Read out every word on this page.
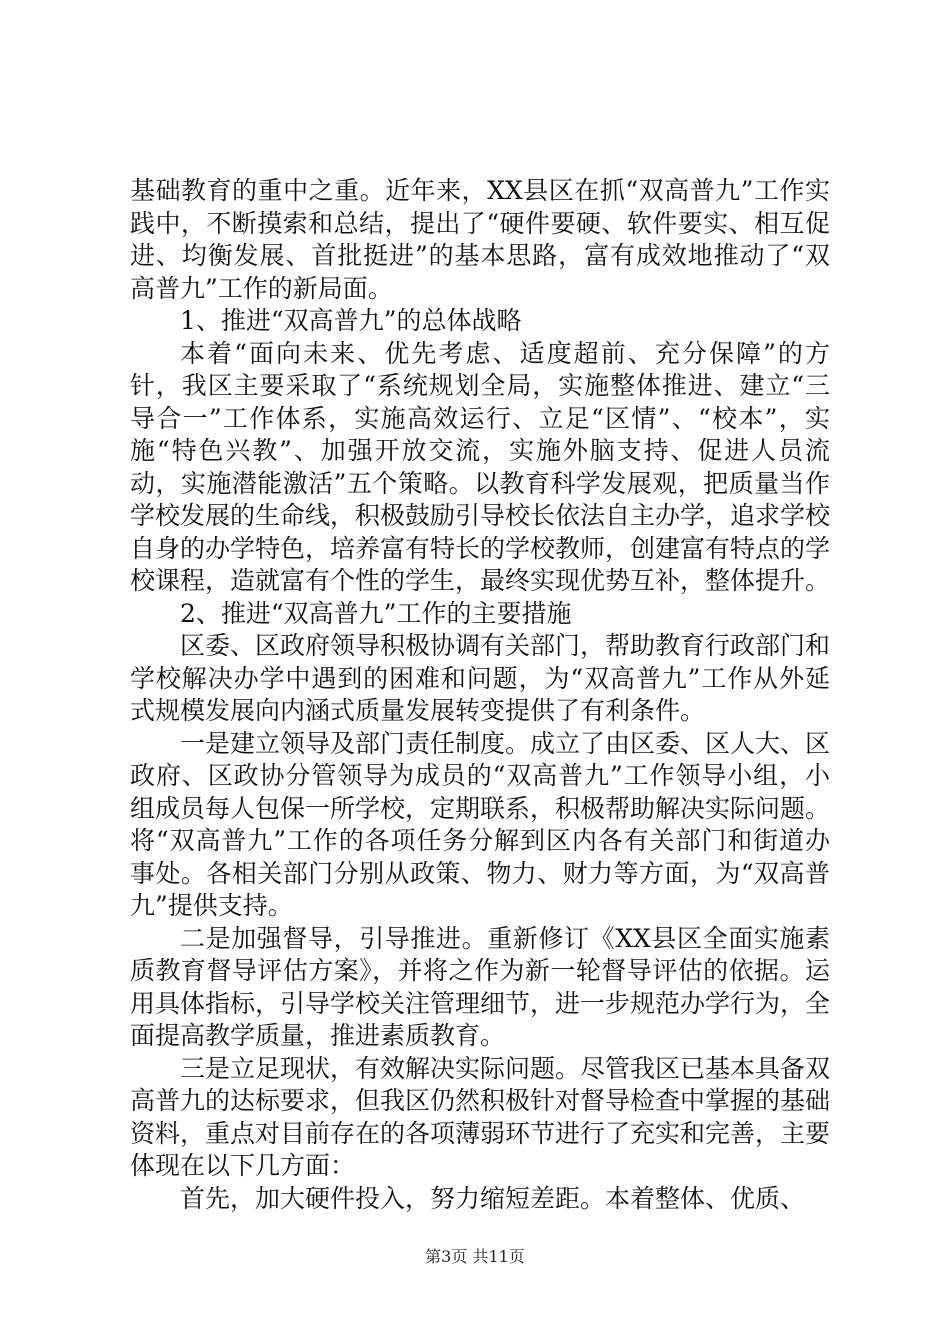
基础教育的重中之重。近年来，XX县区在抓“双高普九”工作实践中，不断摸索和总结，提出了“硬件要硬、软件要实、相互促进、均衡发展、首批挺进”的基本思路，富有成效地推动了“双高普九”工作的新局面。

1、推进“双高普九”的总体战略

本着“面向未来、优先考虑、适度超前、充分保障”的方针，我区主要采取了“系统规划全局，实施整体推进、建立“三导合一”工作体系，实施高效运行、立足“区情”、“校本”，实施“特色兴教”、加强开放交流，实施外脑支持、促进人员流动，实施潜能激活”五个策略。以教育科学发展观，把质量当作学校发展的生命线，积极鼓励引导校长依法自主办学，追求学校自身的办学特色，培养富有特长的学校教师，创建富有特点的学校课程，造就富有个性的学生，最终实现优势互补，整体提升。

2、推进“双高普九”工作的主要措施

区委、区政府领导积极协调有关部门，帮助教育行政部门和学校解决办学中遇到的困难和问题，为“双高普九”工作从外延式规模发展向内涵式质量发展转变提供了有利条件。

一是建立领导及部门责任制度。成立了由区委、区人大、区政府、区政协分管领导为成员的“双高普九”工作领导小组，小组成员每人包保一所学校，定期联系，积极帮助解决实际问题。将“双高普九”工作的各项任务分解到区内各有关部门和街道办事处。各相关部门分别从政策、物力、财力等方面，为“双高普九”提供支持。

二是加强督导，引导推进。重新修订《XX县区全面实施素质教育督导评估方案》，并将之作为新一轮督导评估的依据。运用具体指标，引导学校关注管理细节，进一步规范办学行为，全面提高教学质量，推进素质教育。

三是立足现状，有效解决实际问题。尽管我区已基本具备双高普九的达标要求，但我区仍然积极针对督导检查中掌握的基础资料，重点对目前存在的各项薄弱环节进行了充实和完善，主要体现在以下几方面：

首先，加大硬件投入，努力缩短差距。本着整体、优质、

第3页 共11页
